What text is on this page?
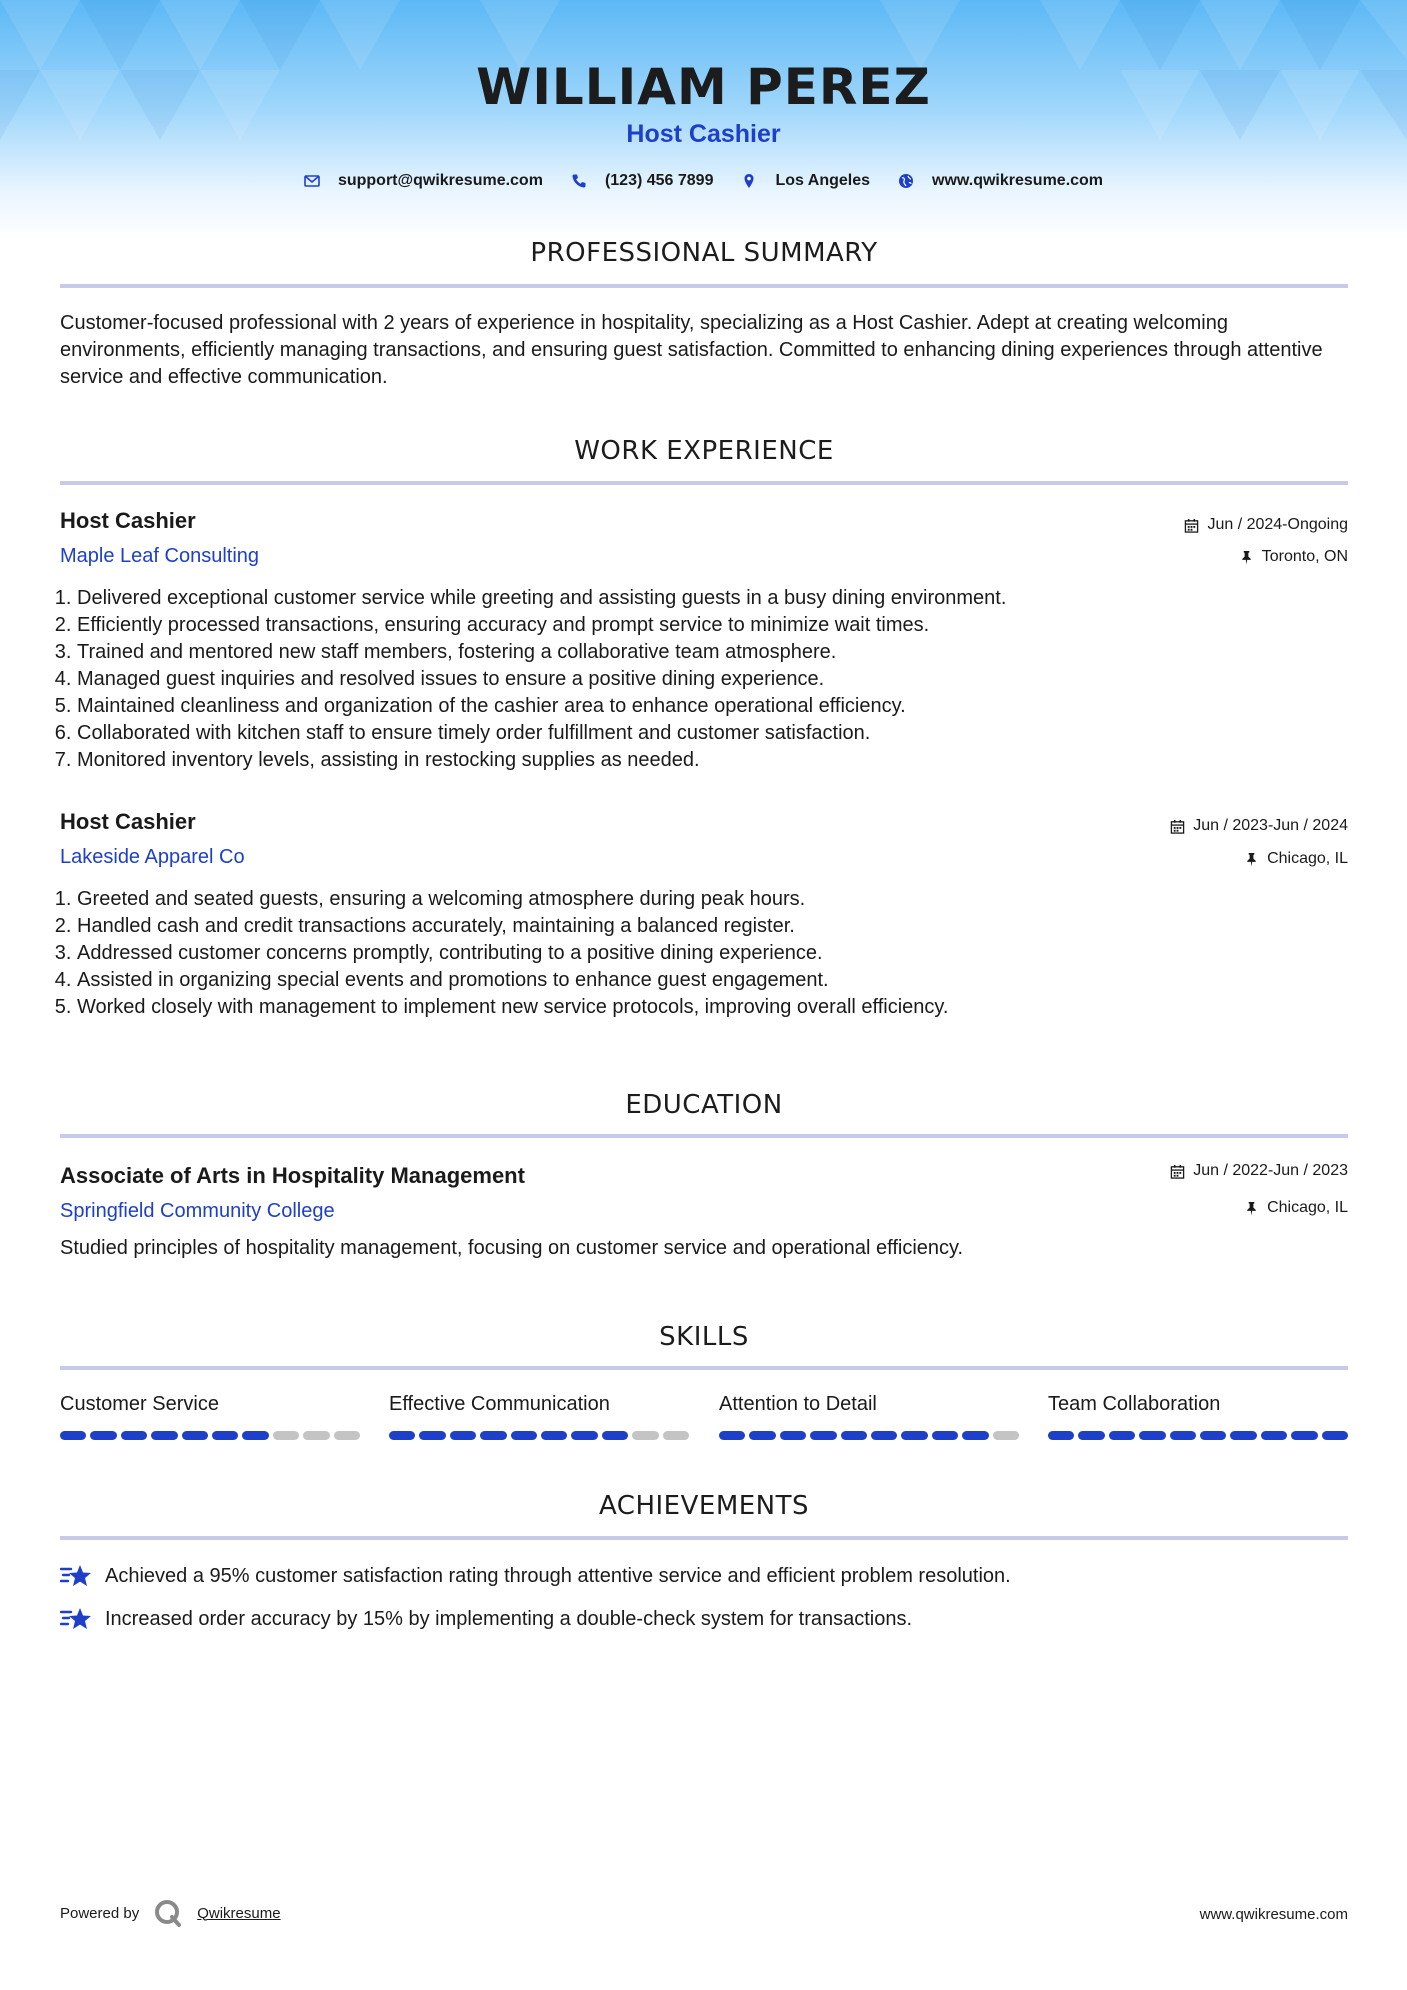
WILLIAM PEREZ
Host Cashier
support@qwikresume.com	(123) 456 7899	Los Angeles	www.qwikresume.com
PROFESSIONAL SUMMARY
Customer-focused professional with 2 years of experience in hospitality, specializing as a Host Cashier. Adept at creating welcoming environments, efficiently managing transactions, and ensuring guest satisfaction. Committed to enhancing dining experiences through attentive service and effective communication.
WORK EXPERIENCE
Host Cashier
Maple Leaf Consulting
Jun / 2024-Ongoing
Toronto, ON
1. Delivered exceptional customer service while greeting and assisting guests in a busy dining environment.
2. Efficiently processed transactions, ensuring accuracy and prompt service to minimize wait times.
3. Trained and mentored new staff members, fostering a collaborative team atmosphere.
4. Managed guest inquiries and resolved issues to ensure a positive dining experience.
5. Maintained cleanliness and organization of the cashier area to enhance operational efficiency.
6. Collaborated with kitchen staff to ensure timely order fulfillment and customer satisfaction.
7. Monitored inventory levels, assisting in restocking supplies as needed.
Host Cashier
Lakeside Apparel Co
Jun / 2023-Jun / 2024
Chicago, IL
1. Greeted and seated guests, ensuring a welcoming atmosphere during peak hours.
2. Handled cash and credit transactions accurately, maintaining a balanced register.
3. Addressed customer concerns promptly, contributing to a positive dining experience.
4. Assisted in organizing special events and promotions to enhance guest engagement.
5. Worked closely with management to implement new service protocols, improving overall efficiency.
EDUCATION
Associate of Arts in Hospitality Management
Springfield Community College
Jun / 2022-Jun / 2023
Chicago, IL
Studied principles of hospitality management, focusing on customer service and operational efficiency.
SKILLS
Customer Service	Effective Communication	Attention to Detail	Team Collaboration
ACHIEVEMENTS
Achieved a 95% customer satisfaction rating through attentive service and efficient problem resolution.
Increased order accuracy by 15% by implementing a double-check system for transactions.
Powered by	Qwikresume	www.qwikresume.com
